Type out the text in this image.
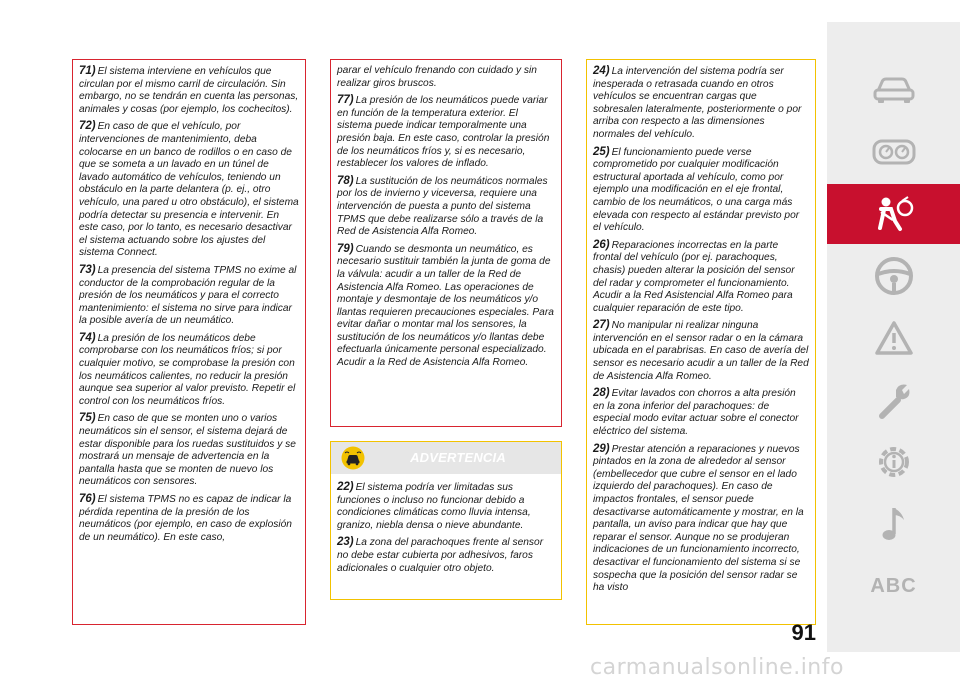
71) El sistema interviene en vehículos que circulan por el mismo carril de circulación. Sin embargo, no se tendrán en cuenta las personas, animales y cosas (por ejemplo, los cochecitos).

72) En caso de que el vehículo, por intervenciones de mantenimiento, deba colocarse en un banco de rodillos o en caso de que se someta a un lavado en un túnel de lavado automático de vehículos, teniendo un obstáculo en la parte delantera (p. ej., otro vehículo, una pared u otro obstáculo), el sistema podría detectar su presencia e intervenir. En este caso, por lo tanto, es necesario desactivar el sistema actuando sobre los ajustes del sistema Connect.

73) La presencia del sistema TPMS no exime al conductor de la comprobación regular de la presión de los neumáticos y para el correcto mantenimiento: el sistema no sirve para indicar la posible avería de un neumático.

74) La presión de los neumáticos debe comprobarse con los neumáticos fríos; si por cualquier motivo, se comprobase la presión con los neumáticos calientes, no reducir la presión aunque sea superior al valor previsto. Repetir el control con los neumáticos fríos.

75) En caso de que se monten uno o varios neumáticos sin el sensor, el sistema dejará de estar disponible para los ruedas sustituidos y se mostrará un mensaje de advertencia en la pantalla hasta que se monten de nuevo los neumáticos con sensores.

76) El sistema TPMS no es capaz de indicar la pérdida repentina de la presión de los neumáticos (por ejemplo, en caso de explosión de un neumático). En este caso,

parar el vehículo frenando con cuidado y sin realizar giros bruscos.

77) La presión de los neumáticos puede variar en función de la temperatura exterior. El sistema puede indicar temporalmente una presión baja. En este caso, controlar la presión de los neumáticos fríos y, si es necesario, restablecer los valores de inflado.

78) La sustitución de los neumáticos normales por los de invierno y viceversa, requiere una intervención de puesta a punto del sistema TPMS que debe realizarse sólo a través de la Red de Asistencia Alfa Romeo.

79) Cuando se desmonta un neumático, es necesario sustituir también la junta de goma de la válvula: acudir a un taller de la Red de Asistencia Alfa Romeo. Las operaciones de montaje y desmontaje de los neumáticos y/o llantas requieren precauciones especiales. Para evitar dañar o montar mal los sensores, la sustitución de los neumáticos y/o llantas debe efectuarla únicamente personal especializado. Acudir a la Red de Asistencia Alfa Romeo.

ADVERTENCIA

22) El sistema podría ver limitadas sus funciones o incluso no funcionar debido a condiciones climáticas como lluvia intensa, granizo, niebla densa o nieve abundante.

23) La zona del parachoques frente al sensor no debe estar cubierta por adhesivos, faros adicionales o cualquier otro objeto.

24) La intervención del sistema podría ser inesperada o retrasada cuando en otros vehículos se encuentran cargas que sobresalen lateralmente, posteriormente o por arriba con respecto a las dimensiones normales del vehículo.

25) El funcionamiento puede verse comprometido por cualquier modificación estructural aportada al vehículo, como por ejemplo una modificación en el eje frontal, cambio de los neumáticos, o una carga más elevada con respecto al estándar previsto por el vehículo.

26) Reparaciones incorrectas en la parte frontal del vehículo (por ej. parachoques, chasis) pueden alterar la posición del sensor del radar y comprometer el funcionamiento. Acudir a la Red Asistencial Alfa Romeo para cualquier reparación de este tipo.

27) No manipular ni realizar ninguna intervención en el sensor radar o en la cámara ubicada en el parabrisas. En caso de avería del sensor es necesario acudir a un taller de la Red de Asistencia Alfa Romeo.

28) Evitar lavados con chorros a alta presión en la zona inferior del parachoques: de especial modo evitar actuar sobre el conector eléctrico del sistema.

29) Prestar atención a reparaciones y nuevos pintados en la zona de alrededor al sensor (embellecedor que cubre el sensor en el lado izquierdo del parachoques). En caso de impactos frontales, el sensor puede desactivarse automáticamente y mostrar, en la pantalla, un aviso para indicar que hay que reparar el sensor. Aunque no se produjeran indicaciones de un funcionamiento incorrecto, desactivar el funcionamiento del sistema si se sospecha que la posición del sensor radar se ha visto

91
ABC
carmanualsonline.info
